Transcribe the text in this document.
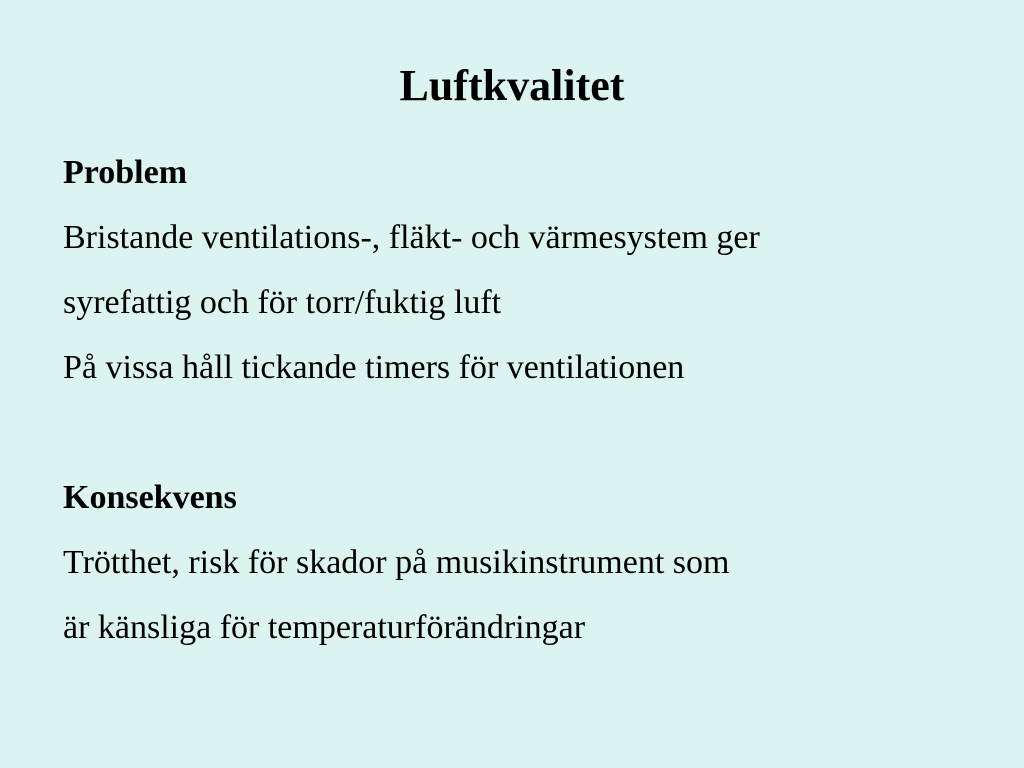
Luftkvalitet
Problem
Bristande ventilations-, fläkt- och värmesystem ger
syrefattig och för torr/fuktig luft
På vissa håll tickande timers för ventilationen
Konsekvens
Trötthet, risk för skador på musikinstrument som
är känsliga för temperaturförändringar
